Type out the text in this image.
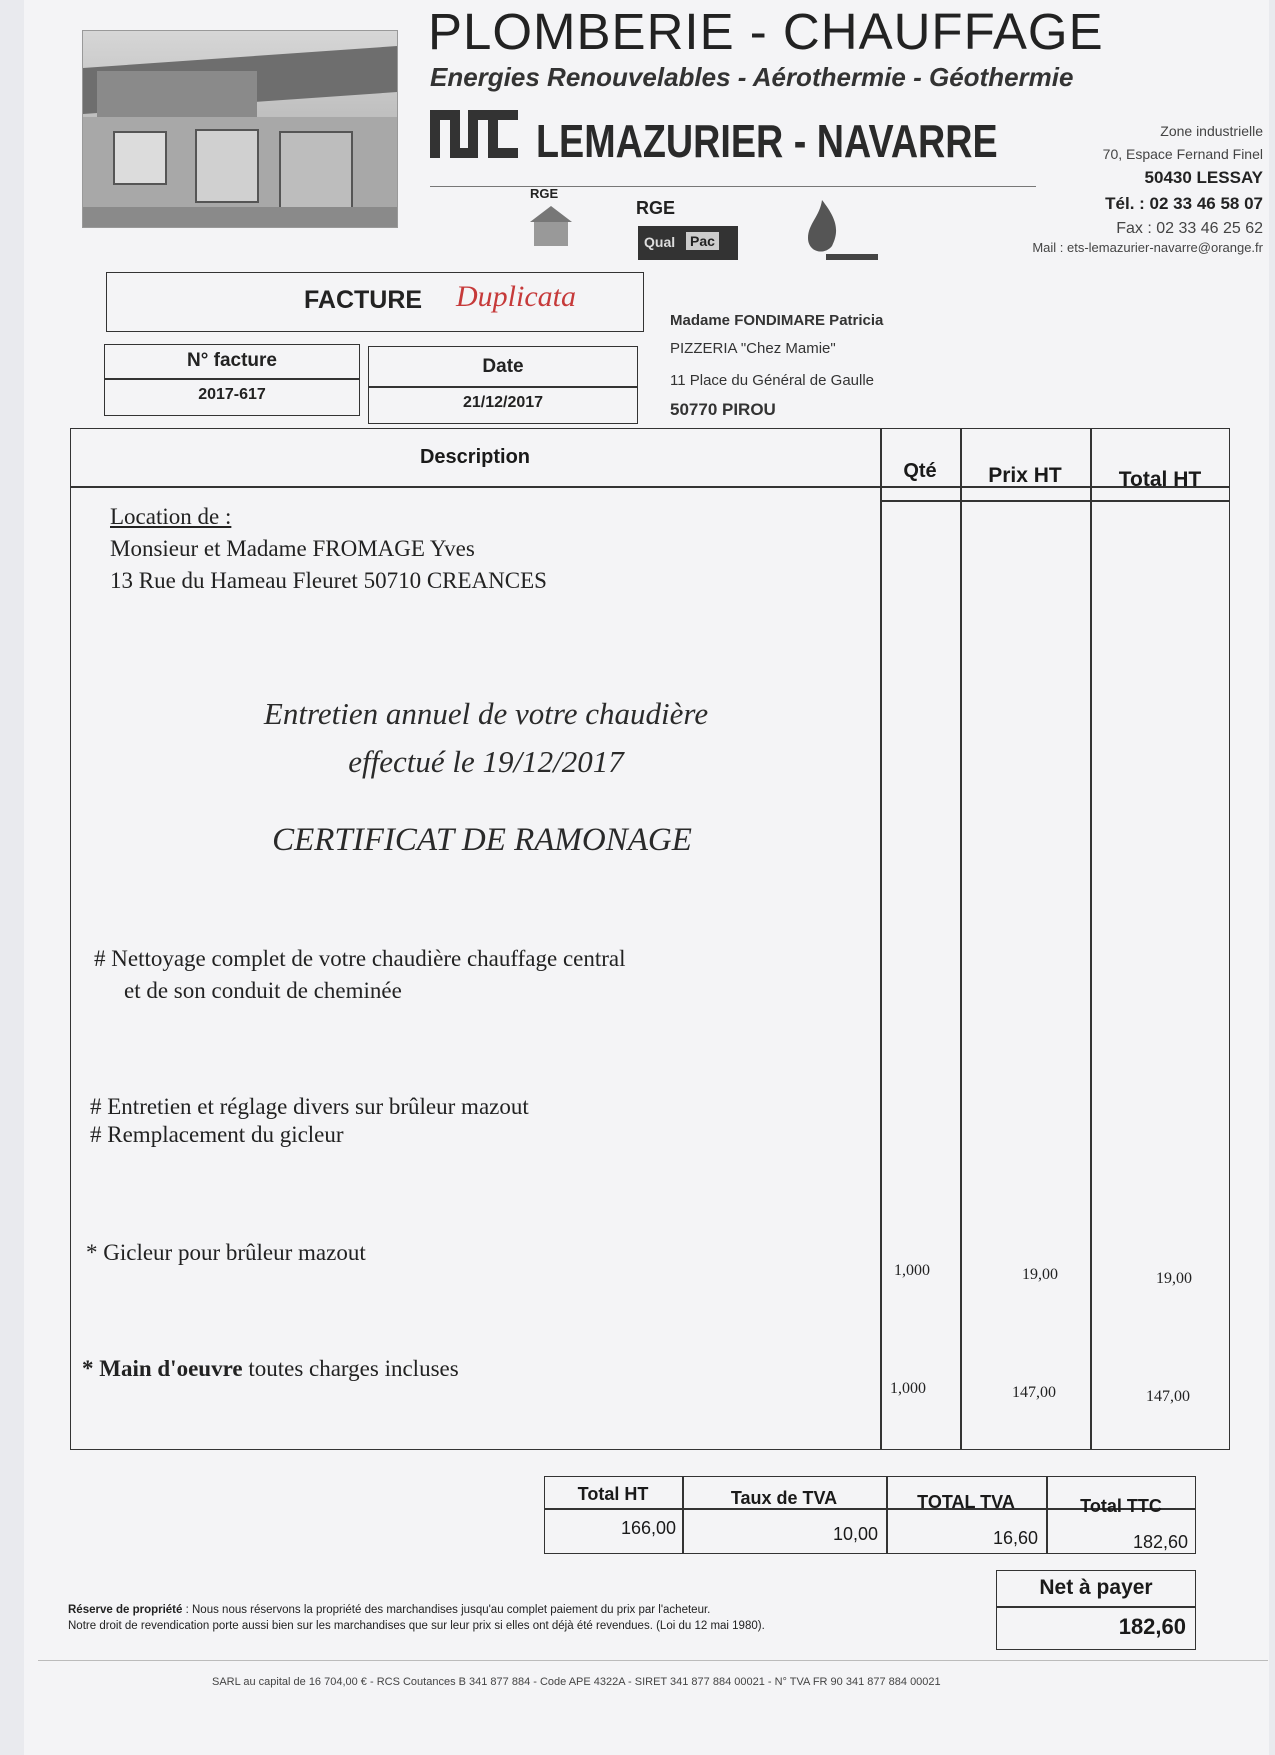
PLOMBERIE - CHAUFFAGE
Energies Renouvelables - Aérothermie - Géothermie
LEMAZURIER - NAVARRE	Zone industrielle
70, Espace Fernand Finel
50430 LESSAY
Tél. : 02 33 46 58 07
Fax : 02 33 46 25 62
Mail : ets-lemazurier-navarre@orange.fr
RGE
RGE
Qual Pac
FACTURE Duplicata
N° facture
2017-617
Date
21/12/2017
Madame FONDIMARE Patricia
PIZZERIA "Chez Mamie"
11 Place du Général de Gaulle
50770 PIROU
Description
Qté	Prix HT	Total HT
Location de :
Monsieur et Madame FROMAGE Yves
13 Rue du Hameau Fleuret 50710 CREANCES
Entretien annuel de votre chaudière
effectué le 19/12/2017
CERTIFICAT DE RAMONAGE
# Nettoyage complet de votre chaudière chauffage central
et de son conduit de cheminée
# Entretien et réglage divers sur brûleur mazout
# Remplacement du gicleur
* Gicleur pour brûleur mazout
1,000	19,00	19,00
* Main d'oeuvre toutes charges incluses
1,000	147,00	147,00
Total HT	Taux de TVA	TOTAL TVA	Total TTC
166,00	10,00	16,60	182,60
Net à payer
182,60
Réserve de propriété : Nous nous réservons la propriété des marchandises jusqu'au complet paiement du prix par l'acheteur.
Notre droit de revendication porte aussi bien sur les marchandises que sur leur prix si elles ont déjà été revendues. (Loi du 12 mai 1980).
SARL au capital de 16 704,00 € - RCS Coutances B 341 877 884 - Code APE 4322A - SIRET 341 877 884 00021 - N° TVA FR 90 341 877 884 00021
